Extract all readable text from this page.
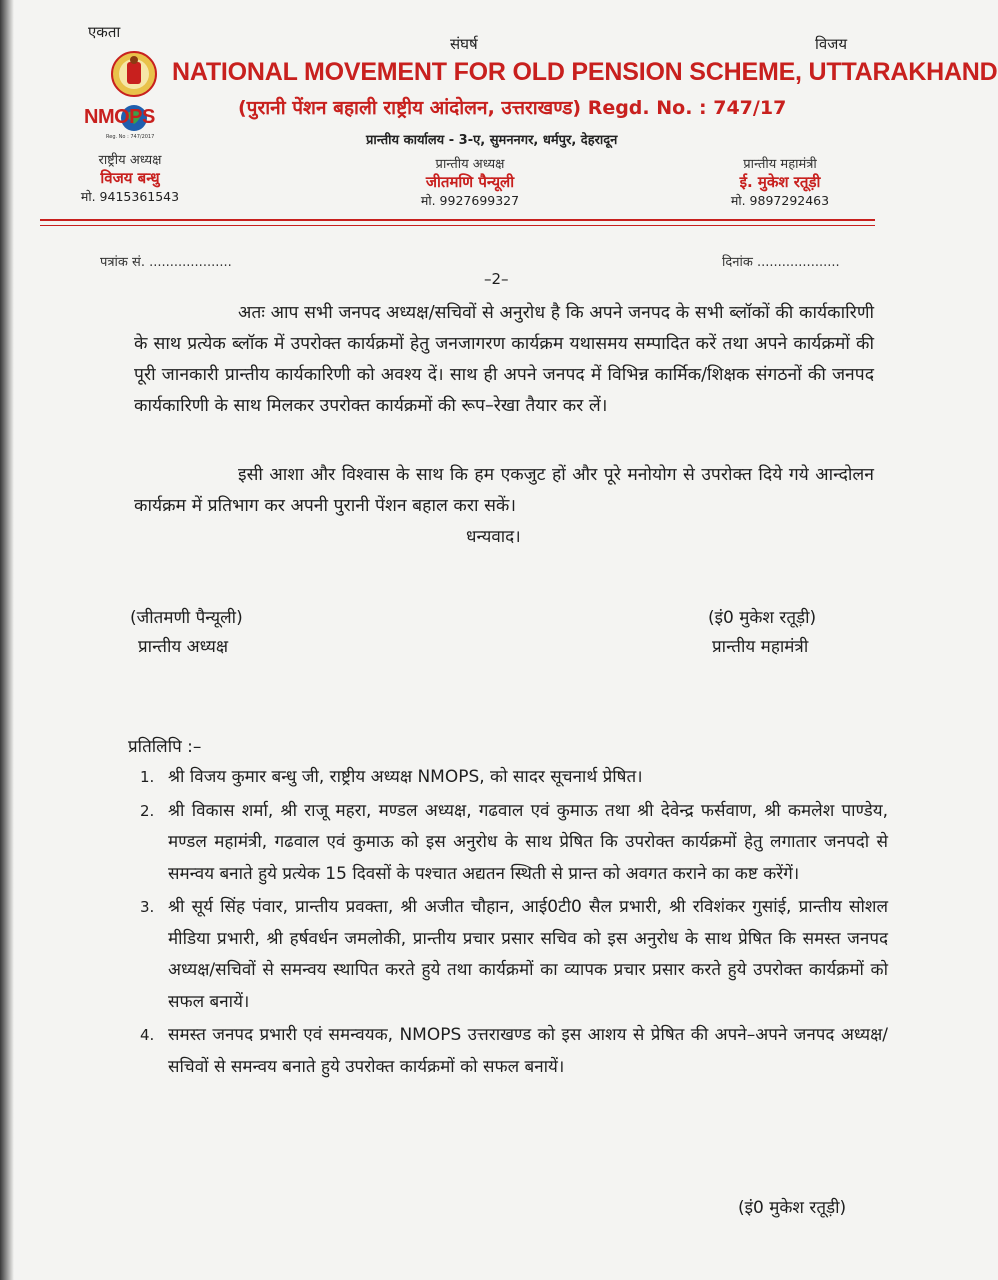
एकता
संघर्ष	विजय
NMOPS
Reg. No : 747/2017
NATIONAL MOVEMENT FOR OLD PENSION SCHEME, UTTARAKHAND
(पुरानी पेंशन बहाली राष्ट्रीय आंदोलन, उत्तराखण्ड) Regd. No. : 747/17
प्रान्तीय कार्यालय - 3-ए, सुमननगर, धर्मपुर, देहरादून
राष्ट्रीय अध्यक्ष
विजय बन्धु
मो. 9415361543
प्रान्तीय अध्यक्ष
जीतमणि पैन्यूली
मो. 9927699327
प्रान्तीय महामंत्री
ई. मुकेश रतूड़ी
मो. 9897292463
पत्रांक सं. ....................	दिनांक ....................
–2–
अतः आप सभी जनपद अध्यक्ष/सचिवों से अनुरोध है कि अपने जनपद के सभी ब्लॉकों की कार्यकारिणी के साथ प्रत्येक ब्लॉक में उपरोक्त कार्यक्रमों हेतु जनजागरण कार्यक्रम यथासमय सम्पादित करें तथा अपने कार्यक्रमों की पूरी जानकारी प्रान्तीय कार्यकारिणी को अवश्य दें। साथ ही अपने जनपद में विभिन्न कार्मिक/शिक्षक संगठनों की जनपद कार्यकारिणी के साथ मिलकर उपरोक्त कार्यक्रमों की रूप–रेखा तैयार कर लें।
इसी आशा और विश्वास के साथ कि हम एकजुट हों और पूरे मनोयोग से उपरोक्त दिये गये आन्दोलन कार्यक्रम में प्रतिभाग कर अपनी पुरानी पेंशन बहाल करा सकें।
धन्यवाद।
(जीतमणी पैन्यूली)
प्रान्तीय अध्यक्ष
(इं0 मुकेश रतूड़ी)
प्रान्तीय महामंत्री
प्रतिलिपि :–
1. श्री विजय कुमार बन्धु जी, राष्ट्रीय अध्यक्ष NMOPS, को सादर सूचनार्थ प्रेषित।
2. श्री विकास शर्मा, श्री राजू महरा, मण्डल अध्यक्ष, गढवाल एवं कुमाऊ तथा श्री देवेन्द्र फर्सवाण, श्री कमलेश पाण्डेय, मण्डल महामंत्री, गढवाल एवं कुमाऊ को इस अनुरोध के साथ प्रेषित कि उपरोक्त कार्यक्रमों हेतु लगातार जनपदो से समन्वय बनाते हुये प्रत्येक 15 दिवसों के पश्चात अद्यतन स्थिती से प्रान्त को अवगत कराने का कष्ट करेंगें।
3. श्री सूर्य सिंह पंवार, प्रान्तीय प्रवक्ता, श्री अजीत चौहान, आई0टी0 सैल प्रभारी, श्री रविशंकर गुसांई, प्रान्तीय सोशल मीडिया प्रभारी, श्री हर्षवर्धन जमलोकी, प्रान्तीय प्रचार प्रसार सचिव को इस अनुरोध के साथ प्रेषित कि समस्त जनपद अध्यक्ष/सचिवों से समन्वय स्थापित करते हुये तथा कार्यक्रमों का व्यापक प्रचार प्रसार करते हुये उपरोक्त कार्यक्रमों को सफल बनायें।
4. समस्त जनपद प्रभारी एवं समन्वयक, NMOPS उत्तराखण्ड को इस आशय से प्रेषित की अपने–अपने जनपद अध्यक्ष/सचिवों से समन्वय बनाते हुये उपरोक्त कार्यक्रमों को सफल बनायें।
(इं0 मुकेश रतूड़ी)
